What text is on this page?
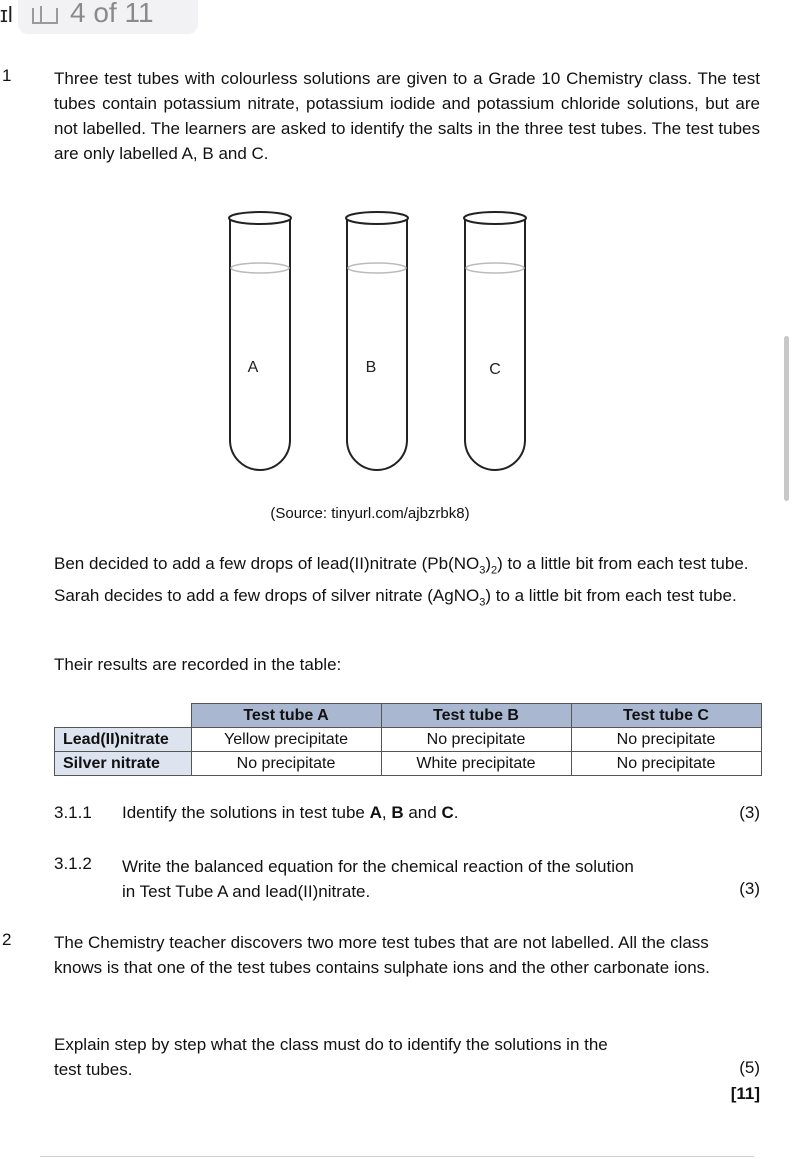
ɪl 4 of 11
1	Three test tubes with colourless solutions are given to a Grade 10 Chemistry class. The test tubes contain potassium nitrate, potassium iodide and potassium chloride solutions, but are not labelled. The learners are asked to identify the salts in the three test tubes. The test tubes are only labelled A, B and C.
A	B	C
(Source: tinyurl.com/ajbzrbk8)
Ben decided to add a few drops of lead(II)nitrate $(Pb(NO_3)_2)$ to a little bit from each test tube. Sarah decides to add a few drops of silver nitrate (AgNO$_3$) to a little bit from each test tube.
Their results are recorded in the table:
	Test tube A	Test tube B	Test tube C
Lead(II)nitrate	Yellow precipitate	No precipitate	No precipitate
Silver nitrate	No precipitate	White precipitate	No precipitate
3.1.1 Identify the solutions in test tube A, B and C.	(3)
3.1.2 Write the balanced equation for the chemical reaction of the solution
in Test Tube A and lead(II)nitrate.	(3)
2	The Chemistry teacher discovers two more test tubes that are not labelled. All the class knows is that one of the test tubes contains sulphate ions and the other carbonate ions.
Explain step by step what the class must do to identify the solutions in the
test tubes.	(5)
[11]
